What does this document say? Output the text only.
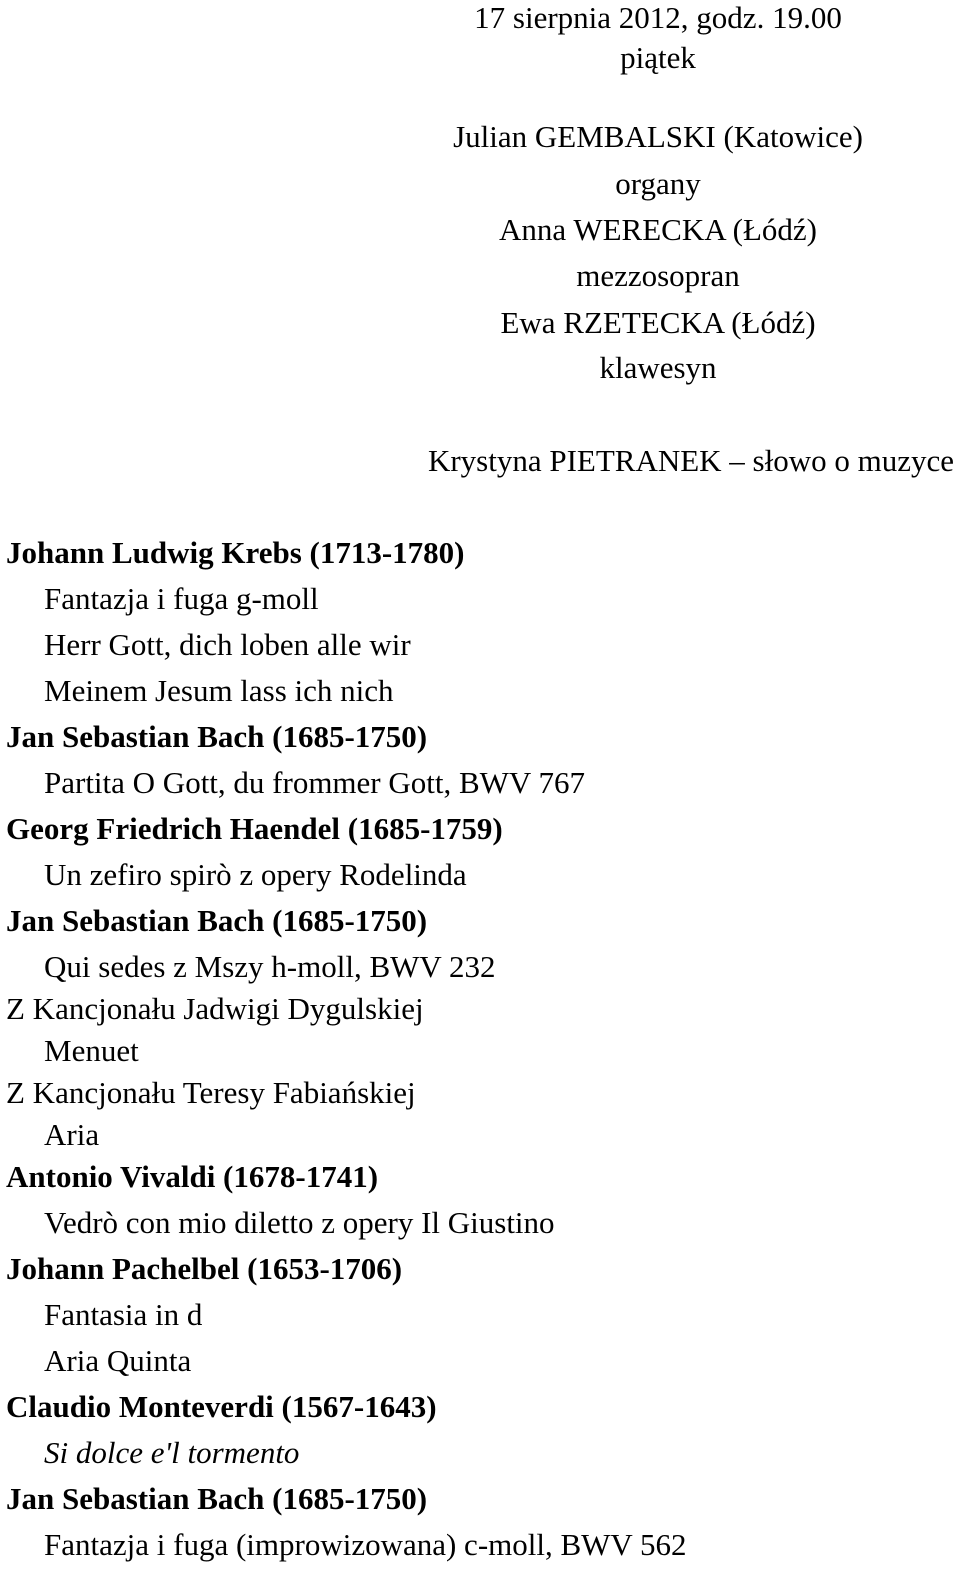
17 sierpnia 2012, godz. 19.00
piątek
Julian GEMBALSKI (Katowice)
organy
Anna WERECKA (Łódź)
mezzosopran
Ewa RZETECKA (Łódź)
klawesyn
Krystyna PIETRANEK – słowo o muzyce
Johann Ludwig Krebs (1713-1780)
Fantazja i fuga g-moll
Herr Gott, dich loben alle wir
Meinem Jesum lass ich nich
Jan Sebastian Bach (1685-1750)
Partita O Gott, du frommer Gott, BWV 767
Georg Friedrich Haendel (1685-1759)
Un zefiro spirò z opery Rodelinda
Jan Sebastian Bach (1685-1750)
Qui sedes z Mszy h-moll, BWV 232
Z Kancjonału Jadwigi Dygulskiej
Menuet
Z Kancjonału Teresy Fabiańskiej
Aria
Antonio Vivaldi (1678-1741)
Vedrò con mio diletto z opery Il Giustino
Johann Pachelbel (1653-1706)
Fantasia in d
Aria Quinta
Claudio Monteverdi (1567-1643)
Si dolce e'l tormento
Jan Sebastian Bach (1685-1750)
Fantazja i fuga (improwizowana) c-moll, BWV 562
